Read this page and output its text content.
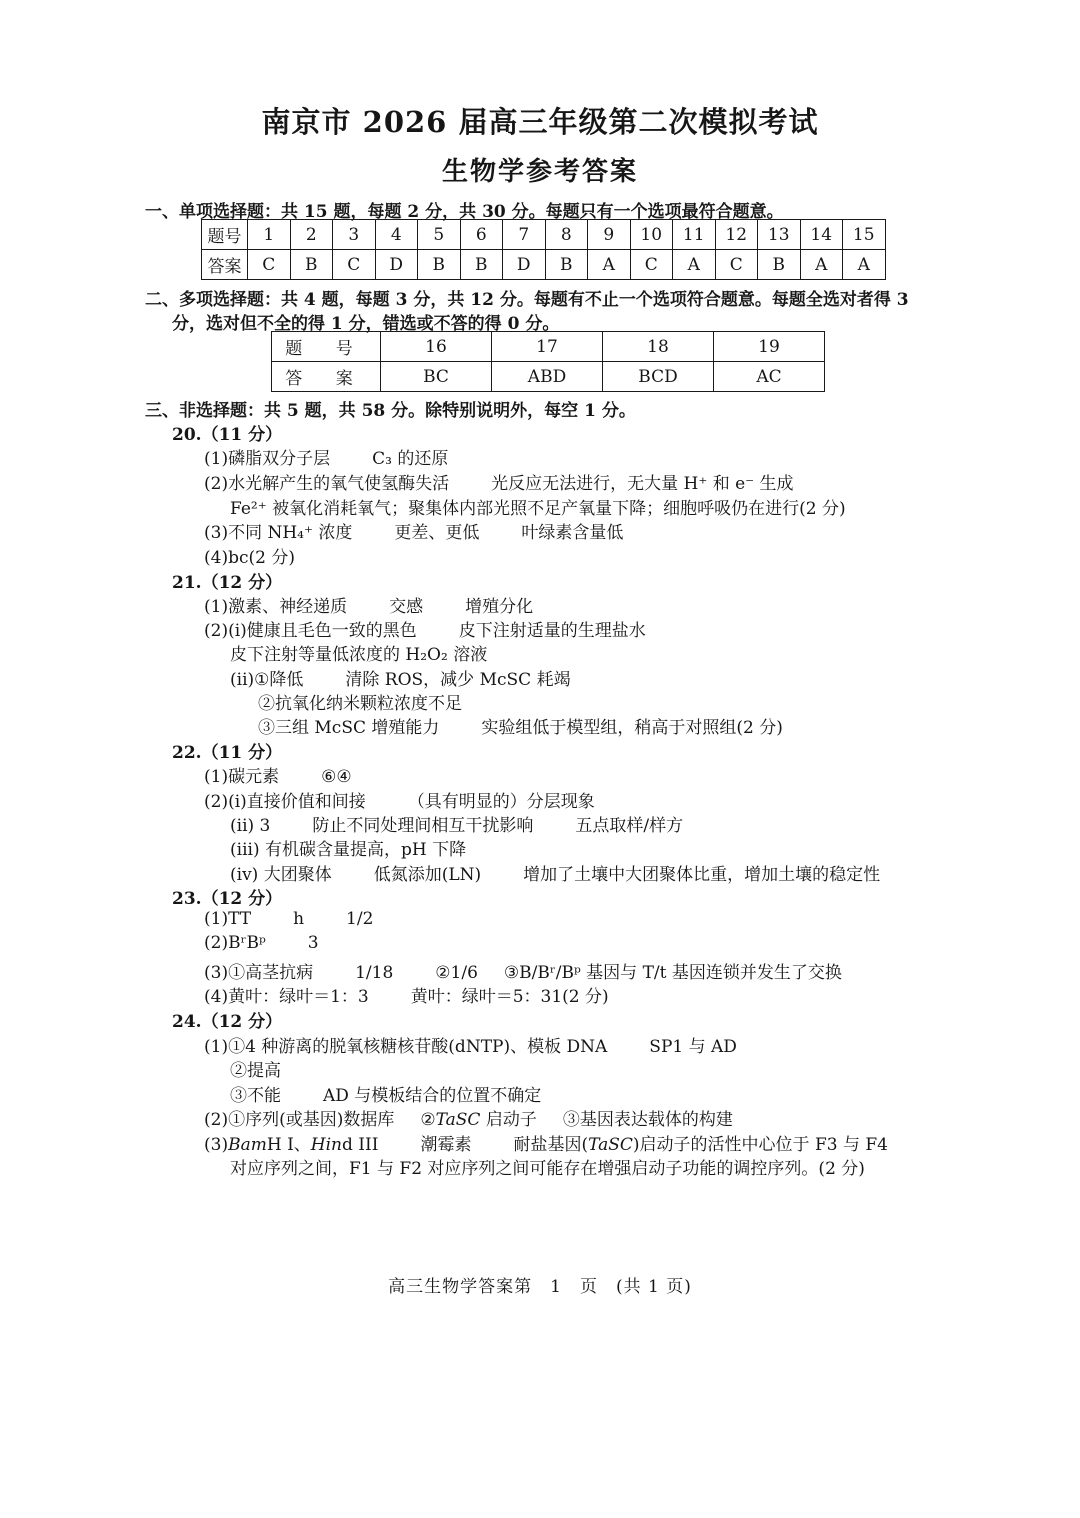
南京市 2026 届高三年级第二次模拟考试
生物学参考答案
一、单项选择题：共 15 题，每题 2 分，共 30 分。每题只有一个选项最符合题意。
题号	1	2	3	4	5	6	7	8	9	10	11	12	13	14	15
答案	C	B	C	D	B	B	D	B	A	C	A	C	B	A	A
二、多项选择题：共 4 题，每题 3 分，共 12 分。每题有不止一个选项符合题意。每题全选对者得 3
分，选对但不全的得 1 分，错选或不答的得 0 分。
题 号	16	17	18	19
答 案	BC	ABD	BCD	AC
三、非选择题：共 5 题，共 58 分。除特别说明外，每空 1 分。
20.（11 分）
(1)磷脂双分子层 C₃ 的还原
(2)水光解产生的氧气使氢酶失活 光反应无法进行，无大量 H⁺ 和 e⁻ 生成
Fe²⁺ 被氧化消耗氧气；聚集体内部光照不足产氧量下降；细胞呼吸仍在进行(2 分)
(3)不同 NH₄⁺ 浓度 更差、更低 叶绿素含量低
(4)bc(2 分)
21.（12 分）
(1)激素、神经递质 交感 增殖分化
(2)(i)健康且毛色一致的黑色 皮下注射适量的生理盐水
皮下注射等量低浓度的 H₂O₂ 溶液
(ii)①降低 清除 ROS，减少 McSC 耗竭
②抗氧化纳米颗粒浓度不足
③三组 McSC 增殖能力 实验组低于模型组，稍高于对照组(2 分)
22.（11 分）
(1)碳元素 ⑥④
(2)(i)直接价值和间接 （具有明显的）分层现象
(ii) 3 防止不同处理间相互干扰影响 五点取样/样方
(iii) 有机碳含量提高，pH 下降
(iv) 大团聚体 低氮添加(LN) 增加了土壤中大团聚体比重，增加土壤的稳定性
23.（12 分）
(1)TT h 1/2
(2)BʳBᵖ 3
(3)①高茎抗病 1/18 ②1/6 ③B/Bʳ/Bᵖ 基因与 T/t 基因连锁并发生了交换
(4)黄叶：绿叶＝1：3 黄叶：绿叶＝5：31(2 分)
24.（12 分）
(1)①4 种游离的脱氧核糖核苷酸(dNTP)、模板 DNA SP1 与 AD
②提高
③不能 AD 与模板结合的位置不确定
(2)①序列(或基因)数据库 ②TaSC 启动子 ③基因表达载体的构建
(3)BamH I、Hind III 潮霉素 耐盐基因(TaSC)启动子的活性中心位于 F3 与 F4
对应序列之间，F1 与 F2 对应序列之间可能存在增强启动子功能的调控序列。(2 分)
高三生物学答案第　1　页　(共 1 页)
